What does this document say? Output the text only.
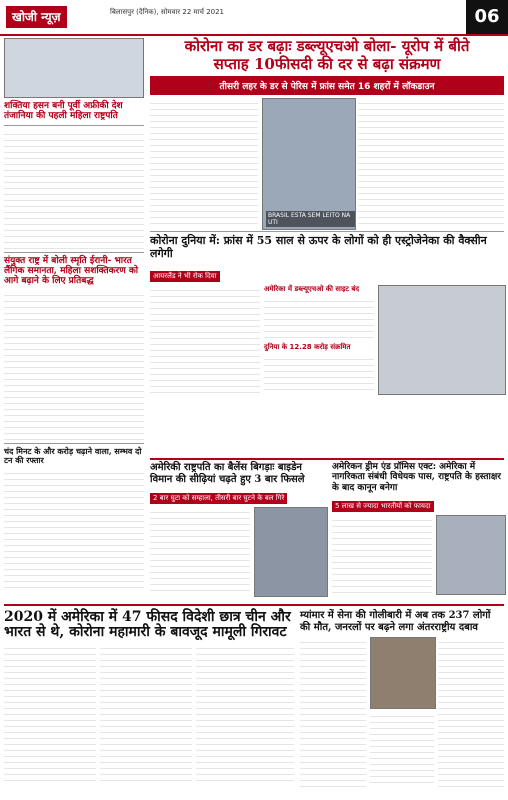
खोजी न्यूज़	बिलासपुर (दैनिक), सोमवार 22 मार्च 2021	06
शक्तिया हसन बनी पूर्वी अफ्रीकी देश तंजानिया की पहली महिला राष्ट्रपति
संयुक्त राष्ट्र में बोली स्मृति ईरानी- भारत लैंगिक समानता, महिला सशक्तिकरण को आगे बढ़ाने के लिए प्रतिबद्ध
चंद मिनट के और करोड़ चढ़ाने वाला, सम्भव दो टन की रफ्तार
कोरोना का डर बढ़ाः डब्ल्यूएचओ बोला- यूरोप में बीते
सप्ताह 10फीसदी की दर से बढ़ा संक्रमण
तीसरी लहर के डर से पेरिस में फ्रांस समेत 16 शहरों में लॉकडाउन
BRASIL ESTA SEM LEITO NA UTI
कोरोना दुनिया में: फ्रांस में 55 साल से ऊपर के लोगों को ही एस्ट्रोजेनेका की वैक्सीन लगेगी
आयरलैंड ने भी रोक दिया
अमेरिका में डब्ल्यूएचओ की साइट बंद
दुनिया के 12.28 करोड़ संक्रमित
अमेरिकी राष्ट्रपति का बैलेंस बिगड़ाः बाइडेन विमान की सीढ़ियां चढ़ते हुए 3 बार फिसले
2 बार घुटा को सम्हाला, तीसरी बार घुटने के बल गिरे
अमेरिकन ड्रीम एंड प्रॉमिस एक्ट: अमेरिका में नागरिकता संबंधी विधेयक पास, राष्ट्रपति के हस्ताक्षर के बाद कानून बनेगा
5 लाख से ज्यादा भारतीयों को फायदा
2020 में अमेरिका में 47 फीसद विदेशी छात्र चीन और भारत से थे, कोरोना महामारी के बावजूद मामूली गिरावट
म्यांमार में सेना की गोलीबारी में अब तक 237 लोगों की मौत, जनरलों पर बढ़ने लगा अंतरराष्ट्रीय दबाव
